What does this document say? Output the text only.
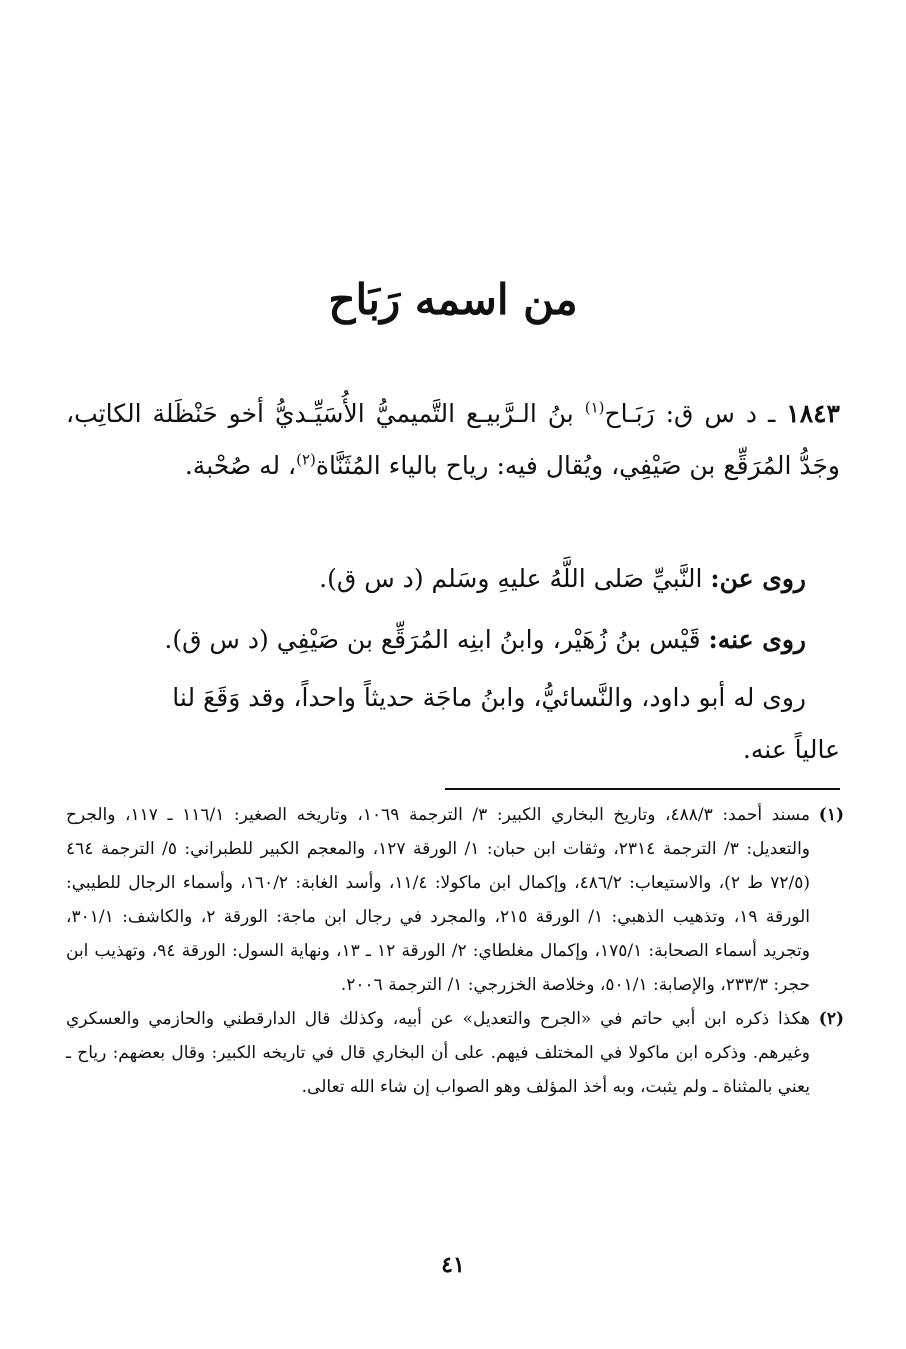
من اسمه رَبَاح

١٨٤٣ ـ د س ق: رَبَـاح$^{(١)}$ بنُ الـرَّبيـع التَّميميُّ الأُسَيِّـديُّ أخو حَنْظَلة الكاتِب، وجَدُّ المُرَقِّع بن صَيْفِي، ويُقال فيه: رياح بالياء المُثَنَّاة$^{(٢)}$، له صُحْبة.

روى عن: النَّبيِّ صَلى اللَّهُ عليهِ وسَلم (د س ق).

روى عنه: قَيْس بنُ زُهَيْر، وابنُ ابنِه المُرَقِّع بن صَيْفِي (د س ق).

روى له أبو داود، والنَّسائيُّ، وابنُ ماجَة حديثاً واحداً، وقد وَقَعَ لنا
عالياً عنه.

(١)
مسند أحمد: ٤٨٨/٣، وتاريخ البخاري الكبير: ٣/ الترجمة ١٠٦٩، وتاريخه الصغير: ١١٦/١ ـ ١١٧، والجرح والتعديل: ٣/ الترجمة ٢٣١٤، وثقات ابن حبان: ١/ الورقة ١٢٧، والمعجم الكبير للطبراني: ٥/ الترجمة ٤٦٤ (٧٢/٥ ط ٢)، والاستيعاب: ٤٨٦/٢، وإكمال ابن ماكولا: ١١/٤، وأسد الغابة: ١٦٠/٢، وأسماء الرجال للطيبي: الورقة ١٩، وتذهيب الذهبي: ١/ الورقة ٢١٥، والمجرد في رجال ابن ماجة: الورقة ٢، والكاشف: ٣٠١/١، وتجريد أسماء الصحابة: ١٧٥/١، وإكمال مغلطاي: ٢/ الورقة ١٢ ـ ١٣، ونهاية السول: الورقة ٩٤، وتهذيب ابن حجر: ٢٣٣/٣، والإصابة: ٥٠١/١، وخلاصة الخزرجي: ١/ الترجمة ٢٠٠٦.

(٢)
هكذا ذكره ابن أبي حاتم في «الجرح والتعديل» عن أبيه، وكذلك قال الدارقطني والحازمي والعسكري وغيرهم. وذكره ابن ماكولا في المختلف فيهم. على أن البخاري قال في تاريخه الكبير: وقال بعضهم: رياح ـ يعني بالمثناة ـ ولم يثبت، وبه أخذ المؤلف وهو الصواب إن شاء الله تعالى.

٤١
